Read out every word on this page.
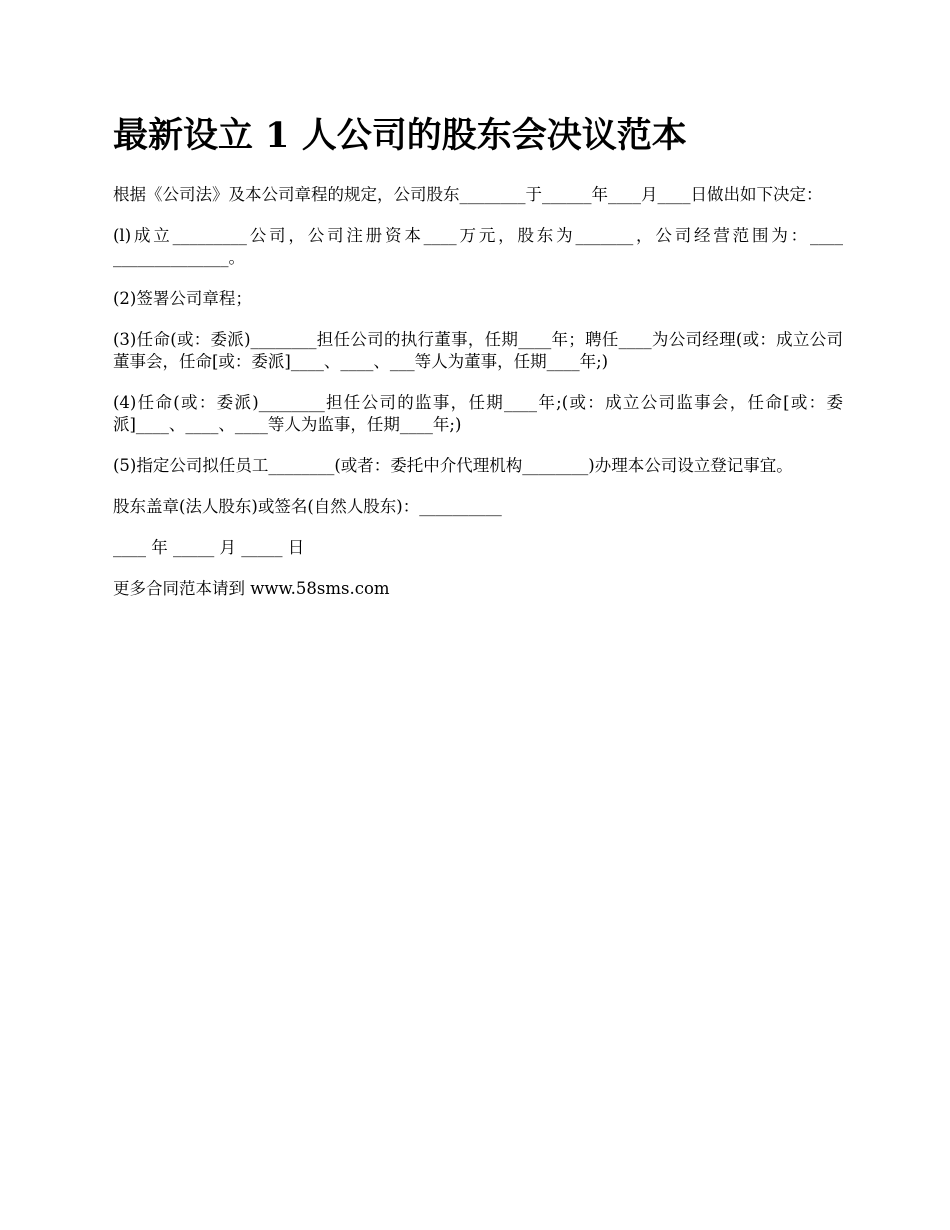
最新设立 1 人公司的股东会决议范本

根据《公司法》及本公司章程的规定，公司股东________于______年____月____日做出如下决定：

(l)成立_________公司，公司注册资本____万元，股东为_______，公司经营范围为：____ ______________。

(2)签署公司章程；

(3)任命(或：委派)________担任公司的执行董事，任期____年；聘任____为公司经理(或：成立公司董事会，任命[或：委派]____、____、___等人为董事，任期____年;)

(4)任命(或：委派)________担任公司的监事，任期____年;(或：成立公司监事会，任命[或：委派]____、____、____等人为监事，任期____年;)

(5)指定公司拟任员工________(或者：委托中介代理机构________)办理本公司设立登记事宜。

股东盖章(法人股东)或签名(自然人股东)：__________

____ 年 _____ 月 _____ 日

更多合同范本请到 www.58sms.com
